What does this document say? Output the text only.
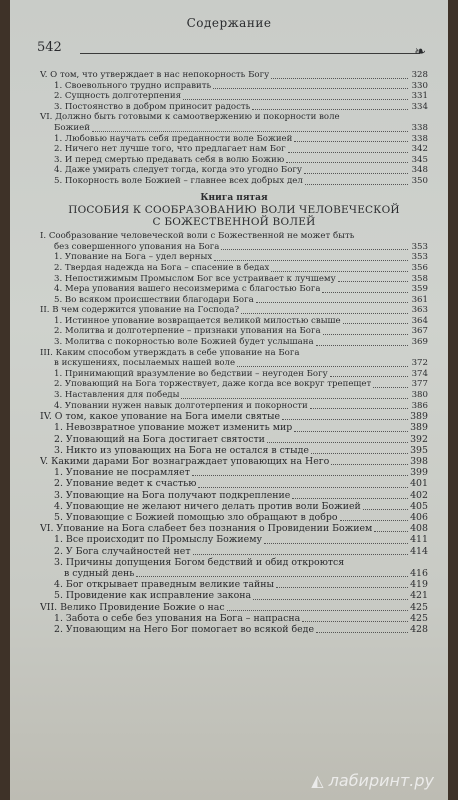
Содержание
542	❧
V. О том, что утверждает в нас непокорность Богу	328
1. Своевольного трудно исправить	330
2. Сущность долготерпения	331
3. Постоянство в добром приносит радость	334
VI. Должно быть готовыми к самоотвержению и покорности воле
Божией	338
1. Любовью научать себя преданности воле Божией	338
2. Ничего нет лучше того, что предлагает нам Бог	342
3. И перед смертью предавать себя в волю Божию	345
4. Даже умирать следует тогда, когда это угодно Богу	348
5. Покорность воле Божией – главнее всех добрых дел	350
Книга пятая
ПОСОБИЯ К СООБРАЗОВАНИЮ ВОЛИ ЧЕЛОВЕЧЕСКОЙ
С БОЖЕСТВЕННОЙ ВОЛЕЙ
I. Сообразование человеческой воли с Божественной не может быть
без совершенного упования на Бога	353
1. Упование на Бога – удел верных	353
2. Твердая надежда на Бога – спасение в бедах	356
3. Непостижимым Промыслом Бог все устраивает к лучшему	358
4. Мера упования вашего несоизмерима с благостью Бога	359
5. Во всяком происшествии благодари Бога	361
II. В чем содержится упование на Господа?	363
1. Истинное упование возвращается великой милостью свыше	364
2. Молитва и долготерпение – признаки упования на Бога	367
3. Молитва с покорностью воле Божией будет услышана	369
III. Каким способом утверждать в себе упование на Бога
в искушениях, посылаемых нашей воле	372
1. Принимающий вразумление во бедствии – неугоден Богу	374
2. Уповающий на Бога торжествует, даже когда все вокруг трепещет	377
3. Наставления для победы	380
4. Уповании нужен навык долготерпения и покорности	386
IV. О том, какое упование на Бога имели святые	389
1. Невозвратное упование может изменить мир	389
2. Уповающий на Бога достигает святости	392
3. Никто из уповающих на Бога не остался в стыде	395
V. Какими дарами Бог вознаграждает уповающих на Него	398
1. Упование не посрамляет	399
2. Упование ведет к счастью	401
3. Уповающие на Бога получают подкрепление	402
4. Уповающие не желают ничего делать против воли Божией	405
5. Уповающие с Божией помощью зло обращают в добро	406
VI. Упование на Бога слабеет без познания о Провидении Божием	408
1. Все происходит по Промыслу Божиему	411
2. У Бога случайностей нет	414
3. Причины допущения Богом бедствий и обид откроются
в судный день	416
4. Бог открывает праведным великие тайны	419
5. Провидение как исправление закона	421
VII. Велико Провидение Божие о нас	425
1. Забота о себе без упования на Бога – напрасна	425
2. Уповающим на Него Бог помогает во всякой беде	428
◭ лабиринт.ру
